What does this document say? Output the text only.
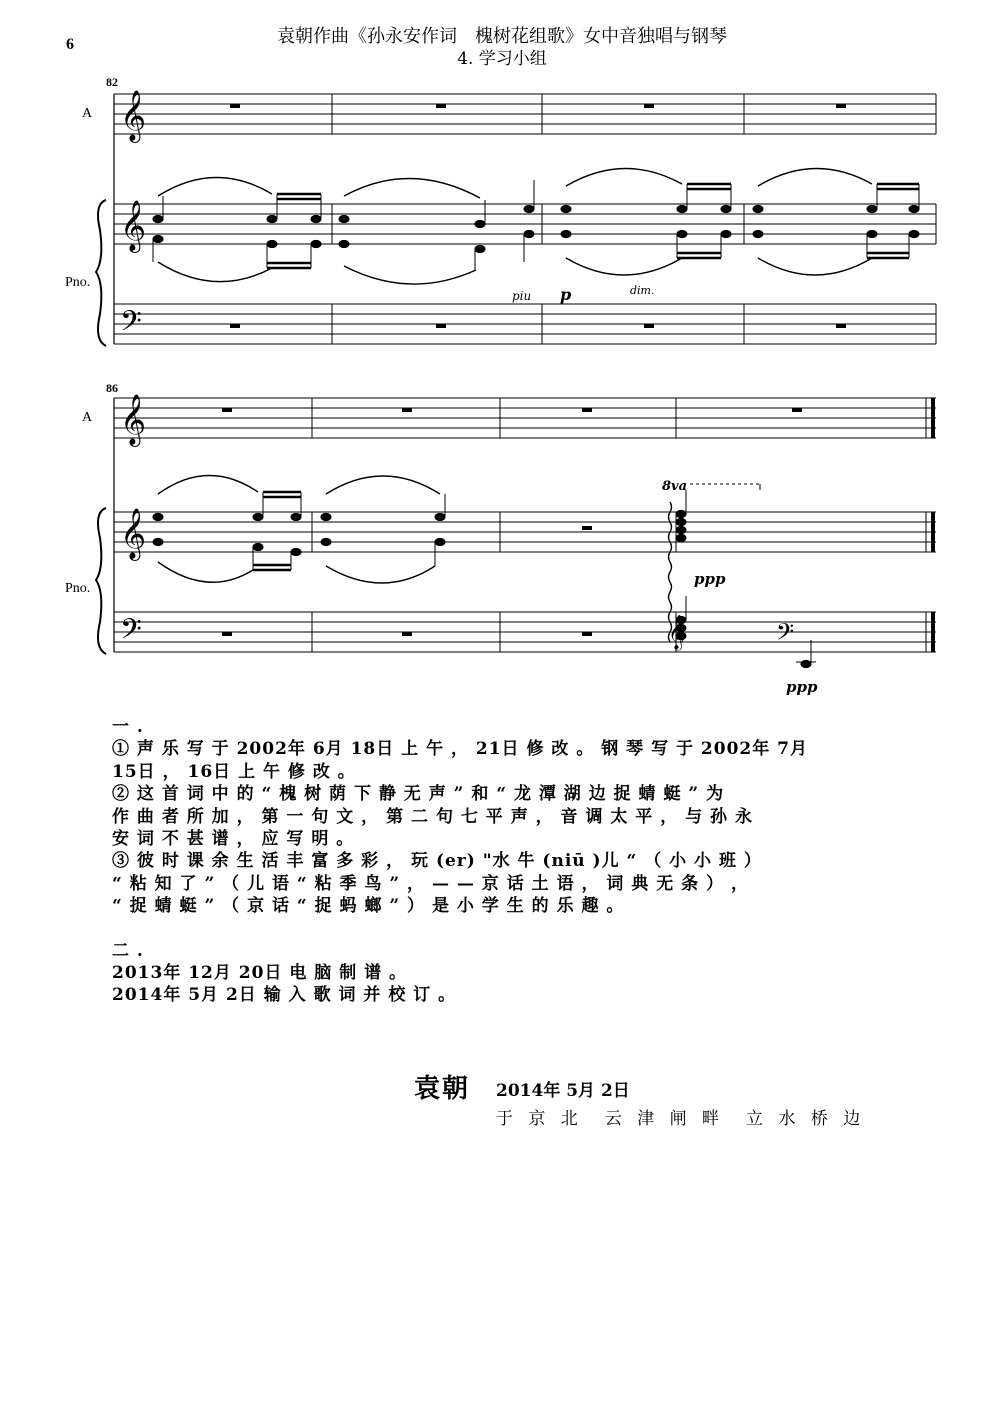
6	袁朝作曲《孙永安作词　槐树花组歌》女中音独唱与钢琴
4. 学习小组
82
A
Pno.
𝄞
𝄞
𝄢
piu p	dim.
86
A
Pno.
𝄞
𝄞
𝄢
8va
ppp
ppp
𝄞	𝄢
一 .
① 声 乐 写 于 2002年 6月 18日 上 午 ， 21日 修 改 。 钢 琴 写 于 2002年 7月
15日 ， 16日 上 午 修 改 。
② 这 首 词 中 的 “ 槐 树 荫 下 静 无 声 ” 和 “ 龙 潭 湖 边 捉 蜻 蜓 ” 为
作 曲 者 所 加 ， 第 一 句 文 ， 第 二 句 七 平 声 ， 音 调 太 平 ， 与 孙 永
安 词 不 甚 谱 ， 应 写 明 。
③ 彼 时 课 余 生 活 丰 富 多 彩 ， 玩 (er) "水 牛 (niū )儿 “ （ 小 小 班 ）
“ 粘 知 了 ” （ 儿 语 “ 粘 季 鸟 ” ， — — 京 话 土 语 ， 词 典 无 条 ） ，
“ 捉 蜻 蜓 ” （ 京 话 “ 捉 蚂 螂 ” ） 是 小 学 生 的 乐 趣 。
二 .
2013年 12月 20日 电 脑 制 谱 。
2014年 5月 2日 输 入 歌 词 并 校 订 。
袁朝 2014年 5月 2日
于 京 北　云 津 闸 畔　立 水 桥 边
